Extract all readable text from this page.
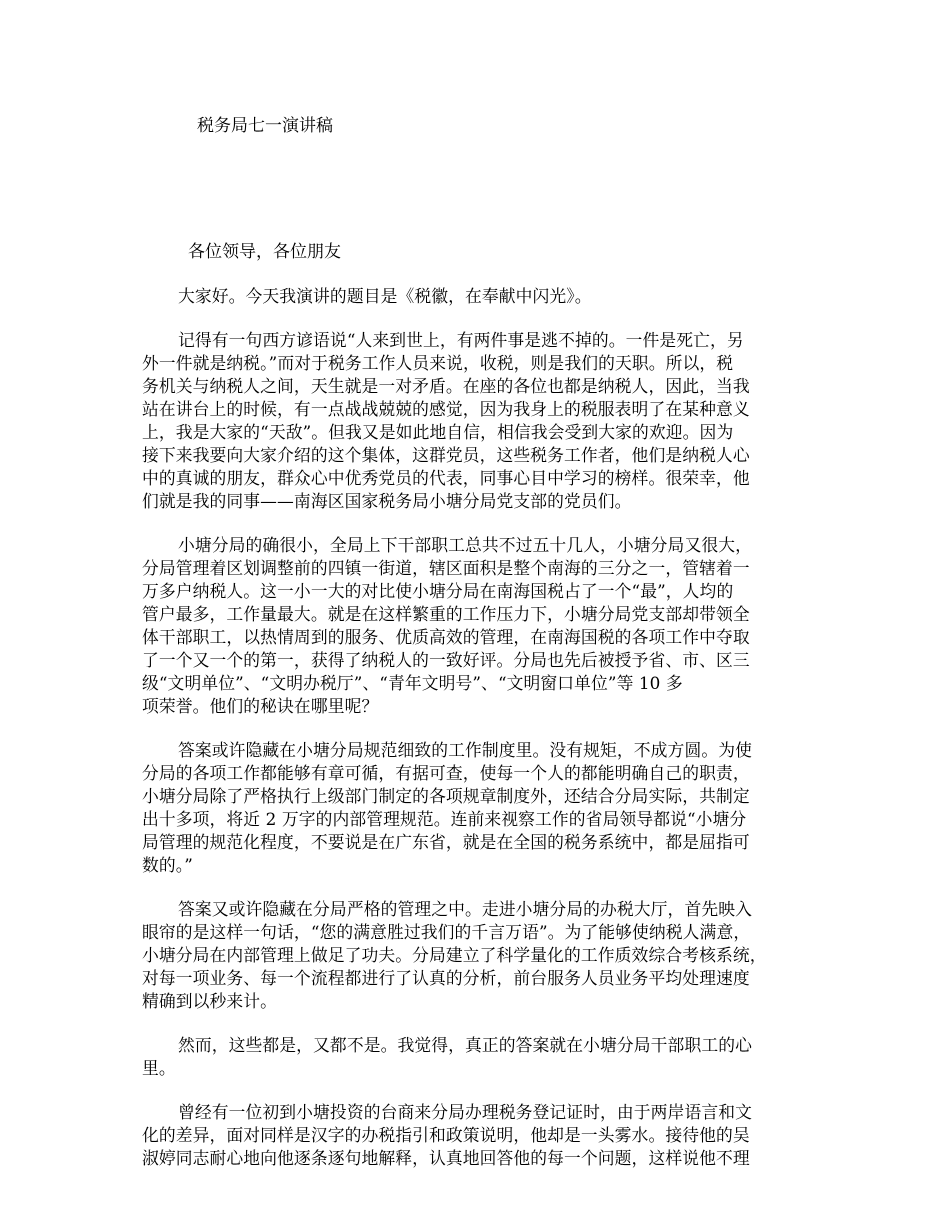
税务局七一演讲稿

各位领导，各位朋友

大家好。今天我演讲的题目是《税徽，在奉献中闪光》。

记得有一句西方谚语说“人来到世上，有两件事是逃不掉的。一件是死亡，另
外一件就是纳税。”而对于税务工作人员来说，收税，则是我们的天职。所以，税
务机关与纳税人之间，天生就是一对矛盾。在座的各位也都是纳税人，因此，当我
站在讲台上的时候，有一点战战兢兢的感觉，因为我身上的税服表明了在某种意义
上，我是大家的“天敌”。但我又是如此地自信，相信我会受到大家的欢迎。因为
接下来我要向大家介绍的这个集体，这群党员，这些税务工作者，他们是纳税人心
中的真诚的朋友，群众心中优秀党员的代表，同事心目中学习的榜样。很荣幸，他
们就是我的同事——南海区国家税务局小塘分局党支部的党员们。

小塘分局的确很小，全局上下干部职工总共不过五十几人，小塘分局又很大，
分局管理着区划调整前的四镇一街道，辖区面积是整个南海的三分之一，管辖着一
万多户纳税人。这一小一大的对比使小塘分局在南海国税占了一个“最”，人均的
管户最多，工作量最大。就是在这样繁重的工作压力下，小塘分局党支部却带领全
体干部职工，以热情周到的服务、优质高效的管理，在南海国税的各项工作中夺取
了一个又一个的第一，获得了纳税人的一致好评。分局也先后被授予省、市、区三
级“文明单位”、“文明办税厅”、“青年文明号”、“文明窗口单位”等 10 多
项荣誉。他们的秘诀在哪里呢？

答案或许隐藏在小塘分局规范细致的工作制度里。没有规矩，不成方圆。为使
分局的各项工作都能够有章可循，有据可查，使每一个人的都能明确自己的职责，
小塘分局除了严格执行上级部门制定的各项规章制度外，还结合分局实际，共制定
出十多项，将近 2 万字的内部管理规范。连前来视察工作的省局领导都说“小塘分
局管理的规范化程度，不要说是在广东省，就是在全国的税务系统中，都是屈指可
数的。”

答案又或许隐藏在分局严格的管理之中。走进小塘分局的办税大厅，首先映入
眼帘的是这样一句话，“您的满意胜过我们的千言万语”。为了能够使纳税人满意，
小塘分局在内部管理上做足了功夫。分局建立了科学量化的工作质效综合考核系统，
对每一项业务、每一个流程都进行了认真的分析，前台服务人员业务平均处理速度
精确到以秒来计。

然而，这些都是，又都不是。我觉得，真正的答案就在小塘分局干部职工的心
里。

曾经有一位初到小塘投资的台商来分局办理税务登记证时，由于两岸语言和文
化的差异，面对同样是汉字的办税指引和政策说明，他却是一头雾水。接待他的吴
淑婷同志耐心地向他逐条逐句地解释，认真地回答他的每一个问题，这样说他不理
